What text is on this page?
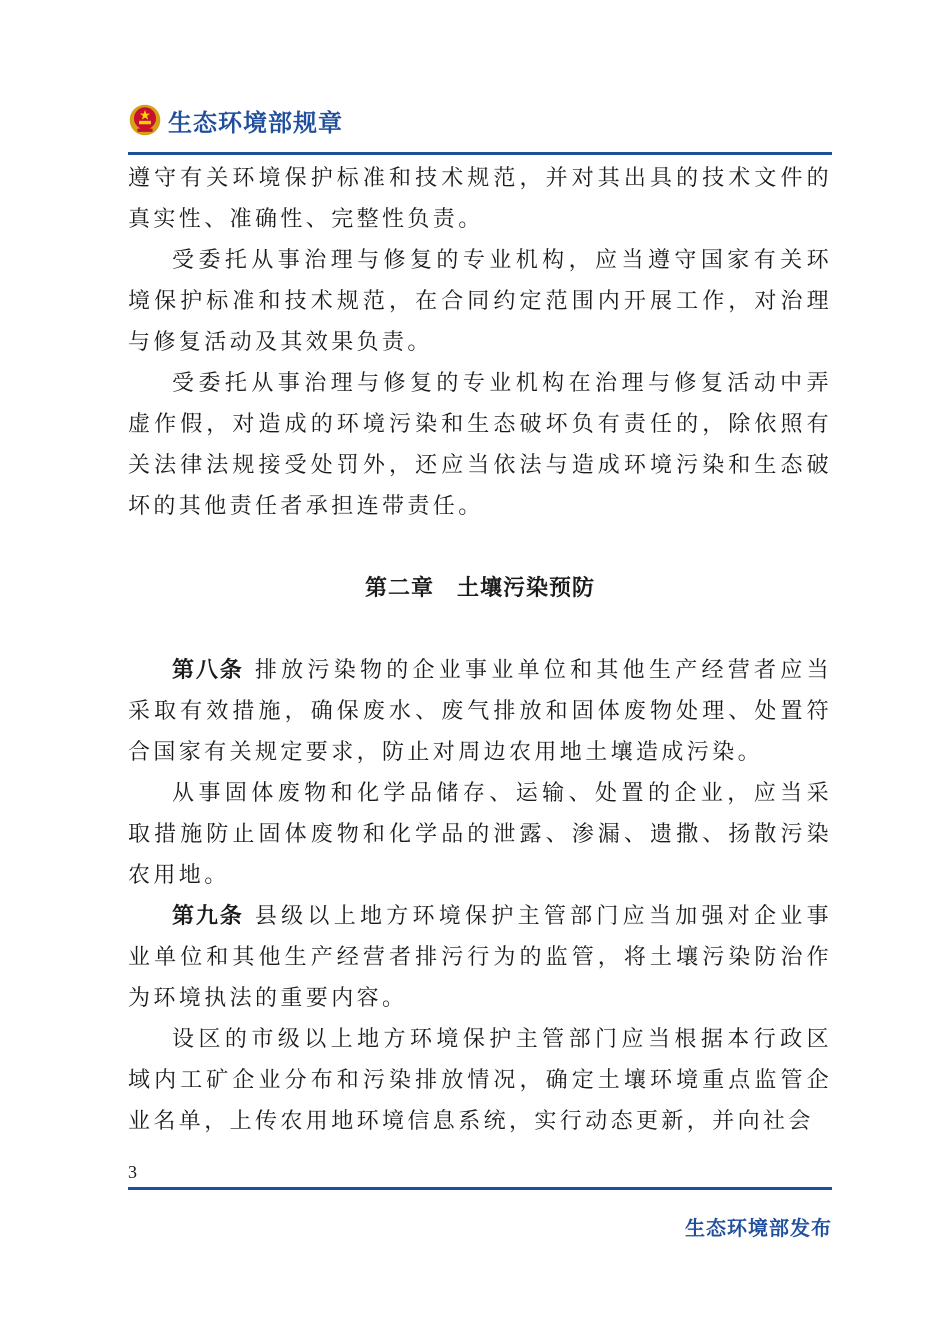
生态环境部规章

遵守有关环境保护标准和技术规范，并对其出具的技术文件的真实性、准确性、完整性负责。

受委托从事治理与修复的专业机构，应当遵守国家有关环境保护标准和技术规范，在合同约定范围内开展工作，对治理与修复活动及其效果负责。

受委托从事治理与修复的专业机构在治理与修复活动中弄虚作假，对造成的环境污染和生态破坏负有责任的，除依照有关法律法规接受处罚外，还应当依法与造成环境污染和生态破坏的其他责任者承担连带责任。

第二章　土壤污染预防

第八条 排放污染物的企业事业单位和其他生产经营者应当采取有效措施，确保废水、废气排放和固体废物处理、处置符合国家有关规定要求，防止对周边农用地土壤造成污染。

从事固体废物和化学品储存、运输、处置的企业，应当采取措施防止固体废物和化学品的泄露、渗漏、遗撒、扬散污染农用地。

第九条 县级以上地方环境保护主管部门应当加强对企业事业单位和其他生产经营者排污行为的监管，将土壤污染防治作为环境执法的重要内容。

设区的市级以上地方环境保护主管部门应当根据本行政区域内工矿企业分布和污染排放情况，确定土壤环境重点监管企业名单，上传农用地环境信息系统，实行动态更新，并向社会

3
生态环境部发布
